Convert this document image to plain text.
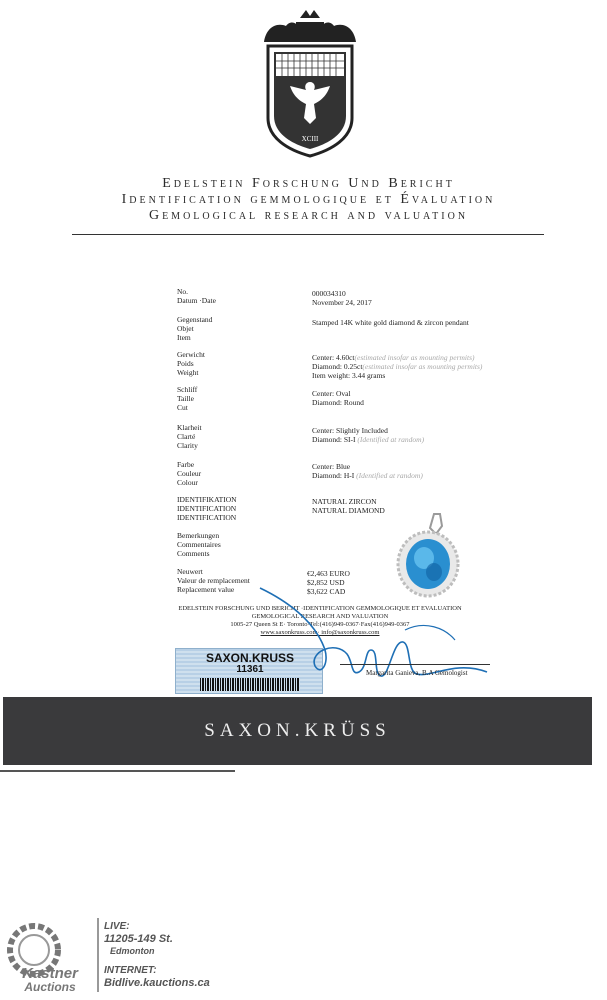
XCIII
Edelstein Forschung Und Bericht
Identification gemmologique et Évaluation
Gemological research and valuation
No.
Datum ·Date
000034310
November 24, 2017
Gegenstand
Objet
Item
Stamped 14K white gold diamond & zircon pendant
Gerwicht
Poids
Weight
Center: 4.60ct(estimated insofar as mounting permits)
Diamond: 0.25ct(estimated insofar as mounting permits)
Item weight: 3.44 grams
Schliff
Taille
Cut
Center: Oval
Diamond: Round
Klarheit
Clarté
Clarity
Center: Slightly Included
Diamond: SI-I (Identified at random)
Farbe
Couleur
Colour
Center: Blue
Diamond: H-I (Identified at random)
IDENTIFIKATION
IDENTIFICATION
IDENTIFICATION
NATURAL ZIRCON
NATURAL DIAMOND
Bemerkungen
Commentaires
Comments
Neuwert
Valeur de remplacement
Replacement value
€2,463 EURO
$2,852 USD
$3,622 CAD
EDELSTEIN FORSCHUNG UND BERICHT ·IDENTIFICATION GEMMOLOGIQUE ET EVALUATION
GEMOLOGICAL RESEARCH AND VALUATION
1005-27 Queen St E· Toronto·Tel:(416)949-0367·Fax(416)949-0367
www.saxonkruss.com· info@saxonkruss.com
SAXON.KRUSS
11361	Margarita Ganieva, B.A Gemologist
SAXON.KRÜSS
Kastner
Auctions
LIVE:
11205-149 St.
Edmonton
INTERNET:
Bidlive.kauctions.ca
